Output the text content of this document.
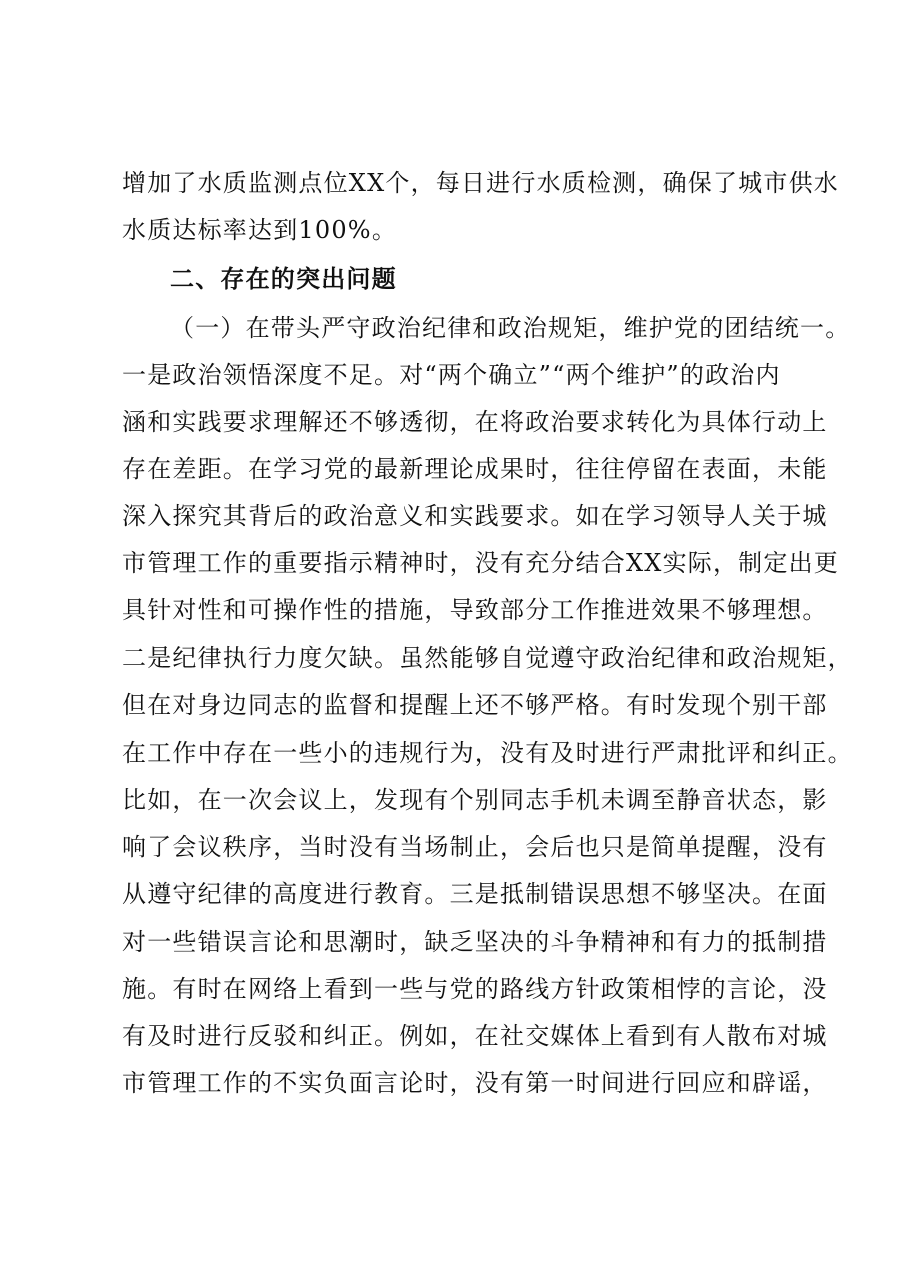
增加了水质监测点位XX个，每日进行水质检测，确保了城市供水
水质达标率达到100%。
二、存在的突出问题
（一）在带头严守政治纪律和政治规矩，维护党的团结统一。
一是政治领悟深度不足。对“两个确立”“两个维护”的政治内
涵和实践要求理解还不够透彻，在将政治要求转化为具体行动上
存在差距。在学习党的最新理论成果时，往往停留在表面，未能
深入探究其背后的政治意义和实践要求。如在学习领导人关于城
市管理工作的重要指示精神时，没有充分结合XX实际，制定出更
具针对性和可操作性的措施，导致部分工作推进效果不够理想。
二是纪律执行力度欠缺。虽然能够自觉遵守政治纪律和政治规矩，
但在对身边同志的监督和提醒上还不够严格。有时发现个别干部
在工作中存在一些小的违规行为，没有及时进行严肃批评和纠正。
比如，在一次会议上，发现有个别同志手机未调至静音状态，影
响了会议秩序，当时没有当场制止，会后也只是简单提醒，没有
从遵守纪律的高度进行教育。三是抵制错误思想不够坚决。在面
对一些错误言论和思潮时，缺乏坚决的斗争精神和有力的抵制措
施。有时在网络上看到一些与党的路线方针政策相悖的言论，没
有及时进行反驳和纠正。例如，在社交媒体上看到有人散布对城
市管理工作的不实负面言论时，没有第一时间进行回应和辟谣，
